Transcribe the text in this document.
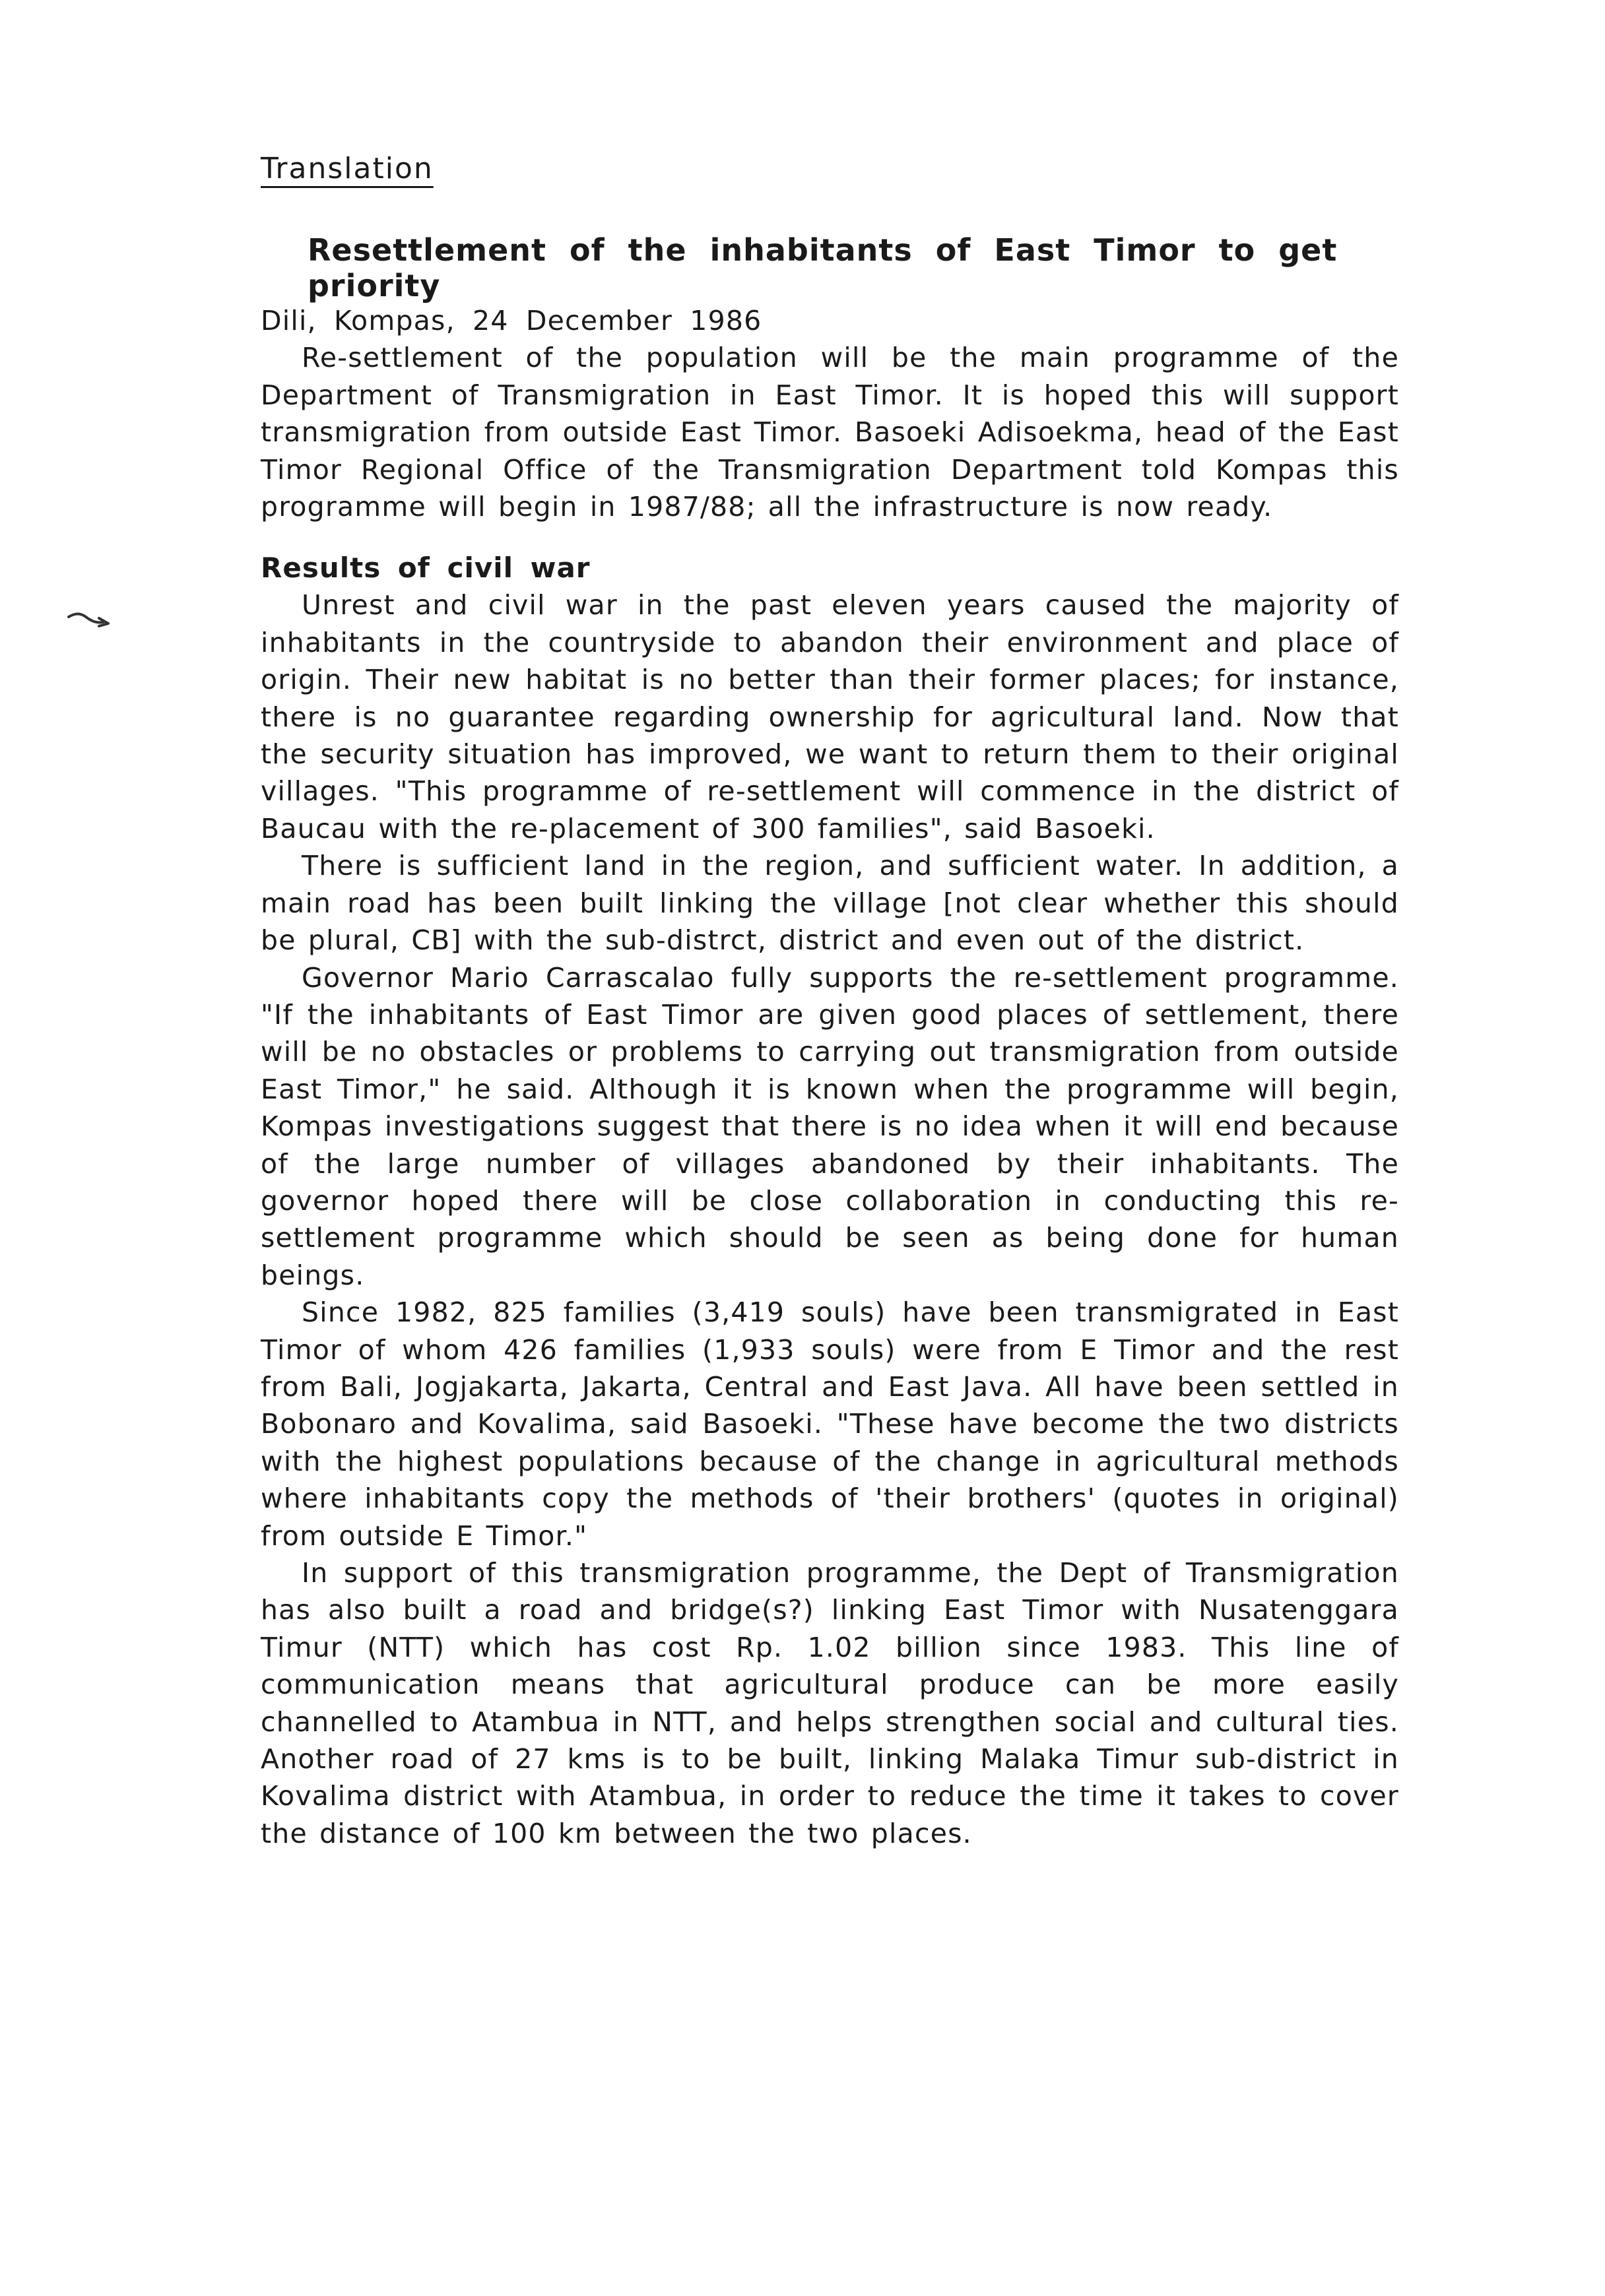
Translation
Resettlement of the inhabitants of East Timor to get priority

Dili, Kompas, 24 December 1986

Re-settlement of the population will be the main programme of the Department of Transmigration in East Timor. It is hoped this will support transmigration from outside East Timor. Basoeki Adisoekma, head of the East Timor Regional Office of the Transmigration Department told Kompas this programme will begin in 1987/88; all the infrastructure is now ready.

Results of civil war

Unrest and civil war in the past eleven years caused the majority of inhabitants in the countryside to abandon their environment and place of origin. Their new habitat is no better than their former places; for instance, there is no guarantee regarding ownership for agricultural land. Now that the security situation has improved, we want to return them to their original villages. "This programme of re-settlement will commence in the district of Baucau with the re-placement of 300 families", said Basoeki.

There is sufficient land in the region, and sufficient water. In addition, a main road has been built linking the village [not clear whether this should be plural, CB] with the sub-distrct, district and even out of the district.

Governor Mario Carrascalao fully supports the re-settlement programme. "If the inhabitants of East Timor are given good places of settlement, there will be no obstacles or problems to carrying out transmigration from outside East Timor," he said. Although it is known when the programme will begin, Kompas investigations suggest that there is no idea when it will end because of the large number of villages abandoned by their inhabitants. The governor hoped there will be close collaboration in conducting this re-settlement programme which should be seen as being done for human beings.

Since 1982, 825 families (3,419 souls) have been transmigrated in East Timor of whom 426 families (1,933 souls) were from E Timor and the rest from Bali, Jogjakarta, Jakarta, Central and East Java. All have been settled in Bobonaro and Kovalima, said Basoeki. "These have become the two districts with the highest populations because of the change in agricultural methods where inhabitants copy the methods of 'their brothers' (quotes in original) from outside E Timor."

In support of this transmigration programme, the Dept of Transmigration has also built a road and bridge(s?) linking East Timor with Nusatenggara Timur (NTT) which has cost Rp. 1.02 billion since 1983. This line of communication means that agricultural produce can be more easily channelled to Atambua in NTT, and helps strengthen social and cultural ties. Another road of 27 kms is to be built, linking Malaka Timur sub-district in Kovalima district with Atambua, in order to reduce the time it takes to cover the distance of 100 km between the two places.
